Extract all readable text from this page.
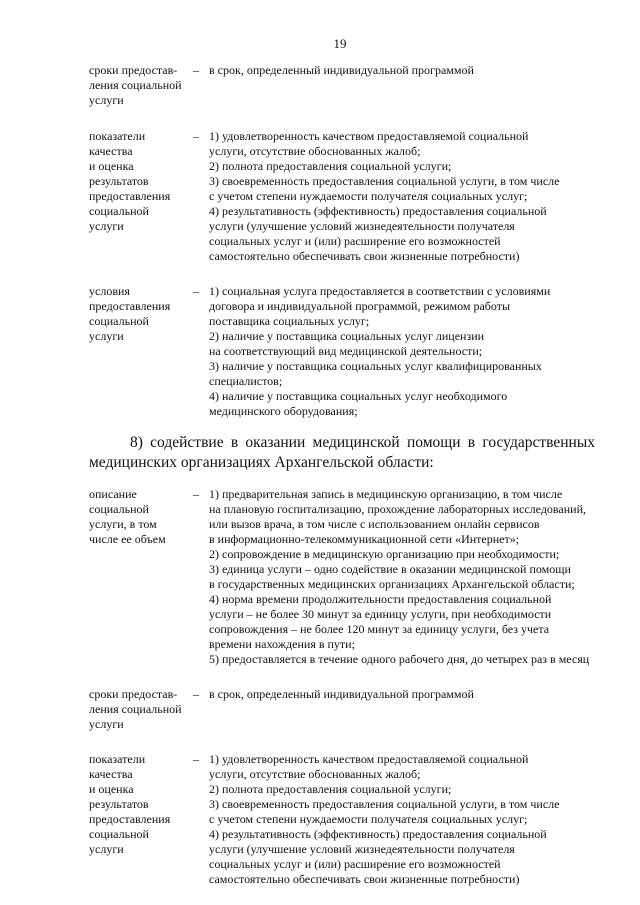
19
сроки предостав-
ления социальной
услуги
– в срок, определенный индивидуальной программой
показатели
качества
и оценка
результатов
предоставления
социальной
услуги
– 1) удовлетворенность качеством предоставляемой социальной
услуги, отсутствие обоснованных жалоб;
2) полнота предоставления социальной услуги;
3) своевременность предоставления социальной услуги, в том числе
с учетом степени нуждаемости получателя социальных услуг;
4) результативность (эффективность) предоставления социальной
услуги (улучшение условий жизнедеятельности получателя
социальных услуг и (или) расширение его возможностей
самостоятельно обеспечивать свои жизненные потребности)
условия
предоставления
социальной
услуги
– 1) социальная услуга предоставляется в соответствии с условиями
договора и индивидуальной программой, режимом работы
поставщика социальных услуг;
2) наличие у поставщика социальных услуг лицензии
на соответствующий вид медицинской деятельности;
3) наличие у поставщика социальных услуг квалифицированных
специалистов;
4) наличие у поставщика социальных услуг необходимого
медицинского оборудования;
8) содействие в оказании медицинской помощи в государственных
медицинских организациях Архангельской области:
описание
социальной
услуги, в том
числе ее объем
– 1) предварительная запись в медицинскую организацию, в том числе
на плановую госпитализацию, прохождение лабораторных исследований,
или вызов врача, в том числе с использованием онлайн сервисов
в информационно-телекоммуникационной сети «Интернет»;
2) сопровождение в медицинскую организацию при необходимости;
3) единица услуги – одно содействие в оказании медицинской помощи
в государственных медицинских организациях Архангельской области;
4) норма времени продолжительности предоставления социальной
услуги – не более 30 минут за единицу услуги, при необходимости
сопровождения – не более 120 минут за единицу услуги, без учета
времени нахождения в пути;
5) предоставляется в течение одного рабочего дня, до четырех раз в месяц
сроки предостав-
ления социальной
услуги
– в срок, определенный индивидуальной программой
показатели
качества
и оценка
результатов
предоставления
социальной
услуги
– 1) удовлетворенность качеством предоставляемой социальной
услуги, отсутствие обоснованных жалоб;
2) полнота предоставления социальной услуги;
3) своевременность предоставления социальной услуги, в том числе
с учетом степени нуждаемости получателя социальных услуг;
4) результативность (эффективность) предоставления социальной
услуги (улучшение условий жизнедеятельности получателя
социальных услуг и (или) расширение его возможностей
самостоятельно обеспечивать свои жизненные потребности)
